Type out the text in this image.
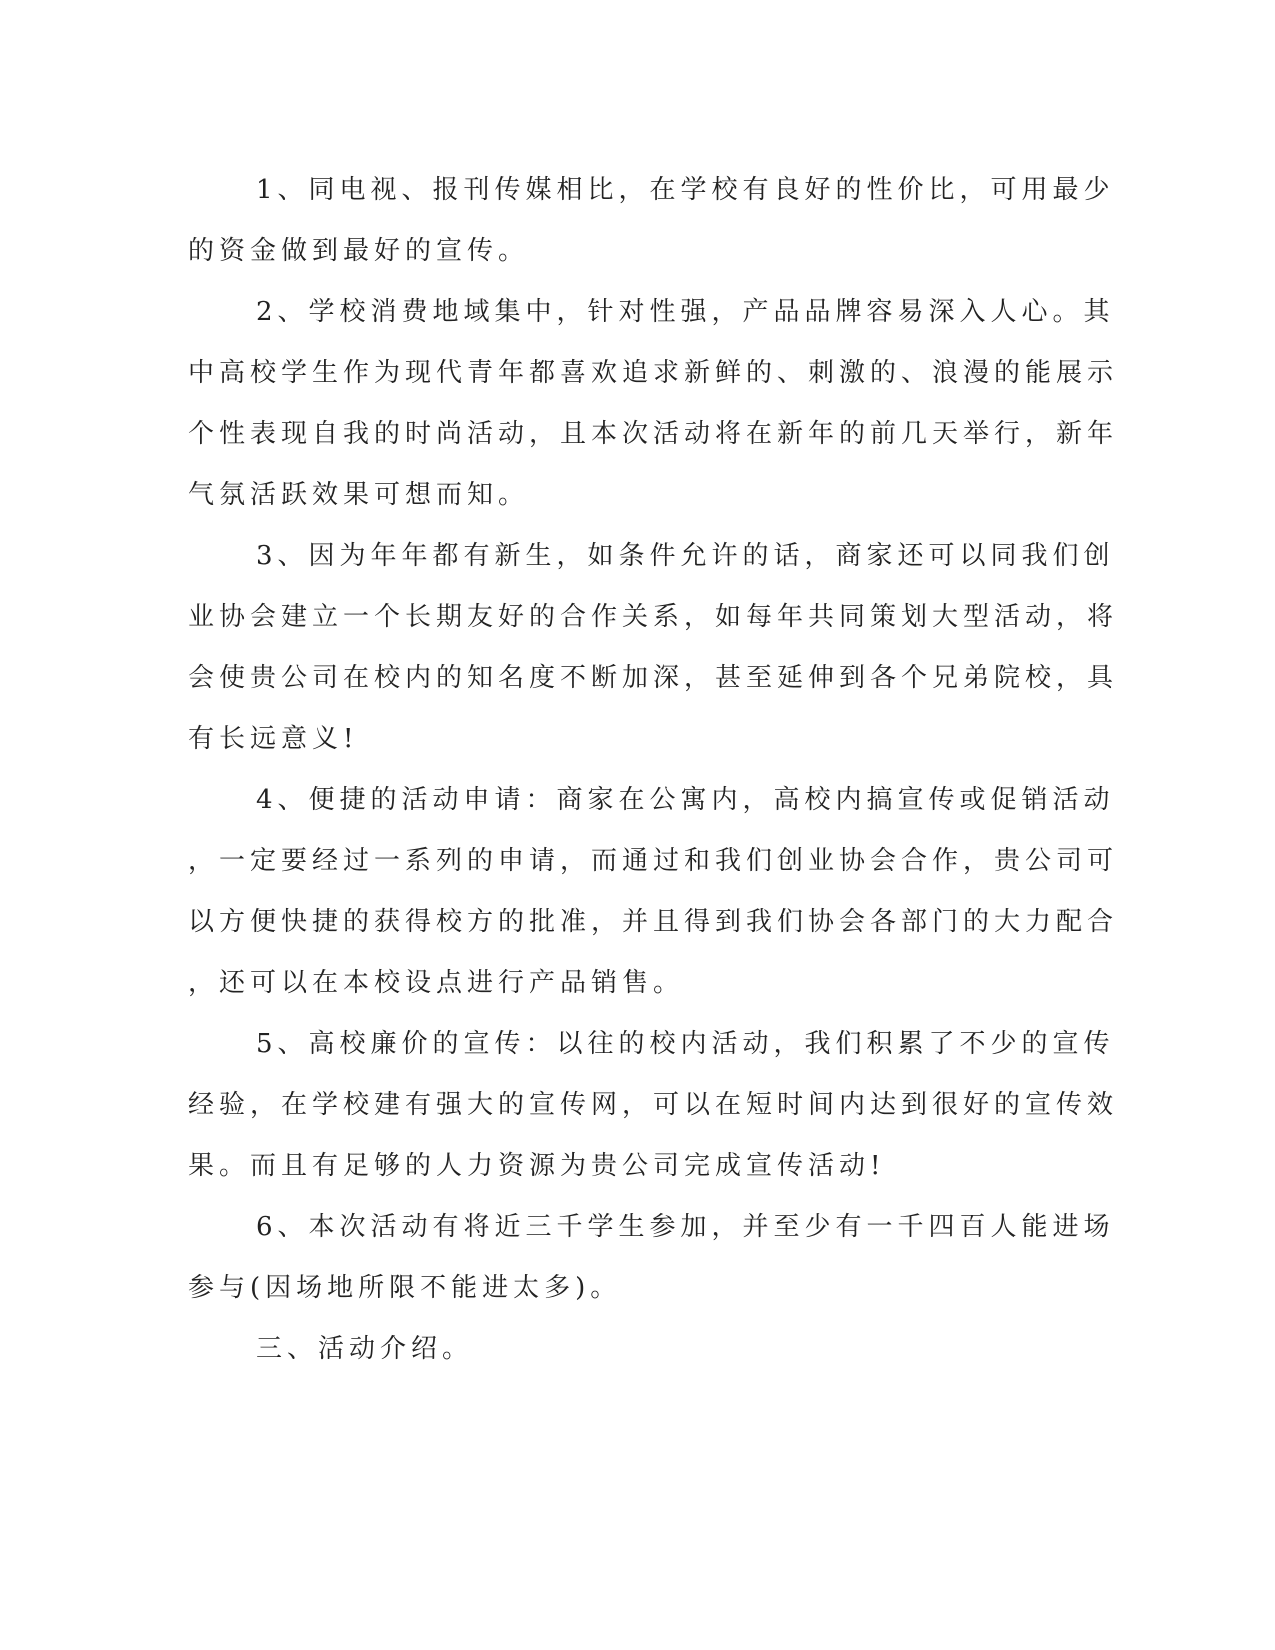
1、同电视、报刊传媒相比，在学校有良好的性价比，可用最少
的资金做到最好的宣传。
2、学校消费地域集中，针对性强，产品品牌容易深入人心。其
中高校学生作为现代青年都喜欢追求新鲜的、刺激的、浪漫的能展示
个性表现自我的时尚活动，且本次活动将在新年的前几天举行，新年
气氛活跃效果可想而知。
3、因为年年都有新生，如条件允许的话，商家还可以同我们创
业协会建立一个长期友好的合作关系，如每年共同策划大型活动，将
会使贵公司在校内的知名度不断加深，甚至延伸到各个兄弟院校，具
有长远意义!
4、便捷的活动申请：商家在公寓内，高校内搞宣传或促销活动
，一定要经过一系列的申请，而通过和我们创业协会合作，贵公司可
以方便快捷的获得校方的批准，并且得到我们协会各部门的大力配合
，还可以在本校设点进行产品销售。
5、高校廉价的宣传：以往的校内活动，我们积累了不少的宣传
经验，在学校建有强大的宣传网，可以在短时间内达到很好的宣传效
果。而且有足够的人力资源为贵公司完成宣传活动!
6、本次活动有将近三千学生参加，并至少有一千四百人能进场
参与(因场地所限不能进太多)。
三、活动介绍。
